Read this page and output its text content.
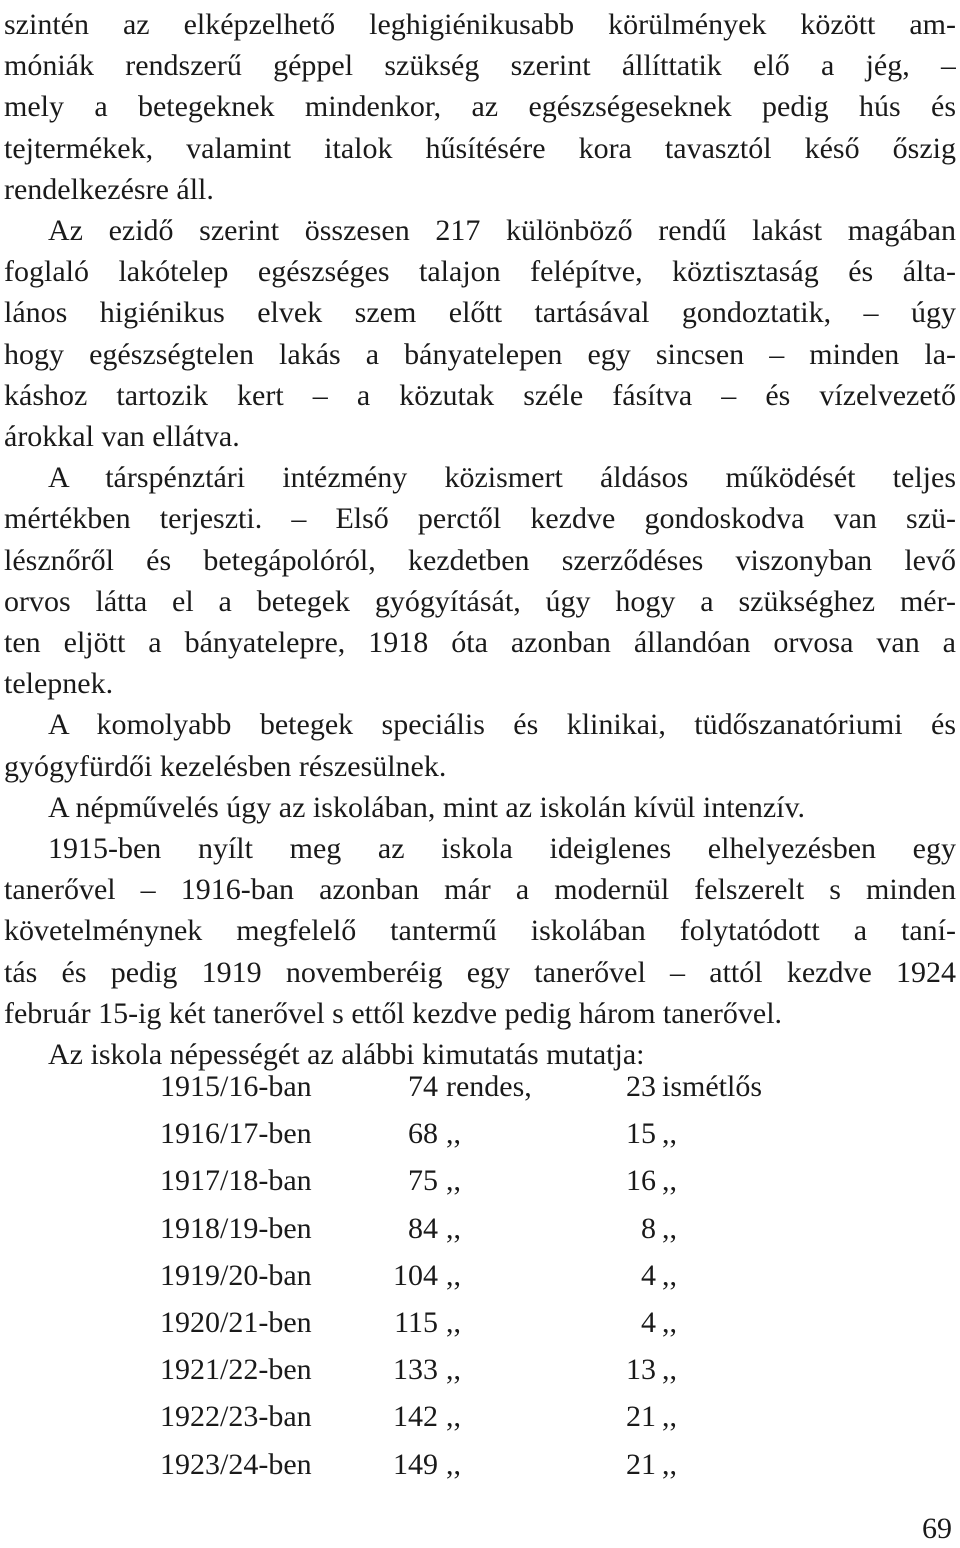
szintén az elképzelhető leghigiénikusabb körülmények között am-
móniák rendszerű géppel szükség szerint állíttatik elő a jég, –
mely a betegeknek mindenkor, az egészségeseknek pedig hús és
tejtermékek, valamint italok hűsítésére kora tavasztól késő őszig
rendelkezésre áll.
Az ezidő szerint összesen 217 különböző rendű lakást magában
foglaló lakótelep egészséges talajon felépítve, köztisztaság és álta-
lános higiénikus elvek szem előtt tartásával gondoztatik, – úgy
hogy egészségtelen lakás a bányatelepen egy sincsen – minden la-
káshoz tartozik kert – a közutak széle fásítva – és vízelvezető
árokkal van ellátva.
A társpénztári intézmény közismert áldásos működését teljes
mértékben terjeszti. – Első perctől kezdve gondoskodva van szü-
lésznőről és betegápolóról, kezdetben szerződéses viszonyban levő
orvos látta el a betegek gyógyítását, úgy hogy a szükséghez mér-
ten eljött a bányatelepre, 1918 óta azonban állandóan orvosa van a
telepnek.
A komolyabb betegek speciális és klinikai, tüdőszanatóriumi és
gyógyfürdői kezelésben részesülnek.
A népművelés úgy az iskolában, mint az iskolán kívül intenzív.
1915-ben nyílt meg az iskola ideiglenes elhelyezésben egy
tanerővel – 1916-ban azonban már a modernül felszerelt s minden
követelménynek megfelelő tantermű iskolában folytatódott a taní-
tás és pedig 1919 novemberéig egy tanerővel – attól kezdve 1924
február 15-ig két tanerővel s ettől kezdve pedig három tanerővel.
Az iskola népességét az alábbi kimutatás mutatja:
1915/16-ban	74 rendes,	23 ismétlős
1916/17-ben	68 ,,	15 ,,
1917/18-ban	75 ,,	16 ,,
1918/19-ben	84 ,,	8 ,,
1919/20-ban	104 ,,	4 ,,
1920/21-ben	115 ,,	4 ,,
1921/22-ben	133 ,,	13 ,,
1922/23-ban	142 ,,	21 ,,
1923/24-ben	149 ,,	21 ,,
69
